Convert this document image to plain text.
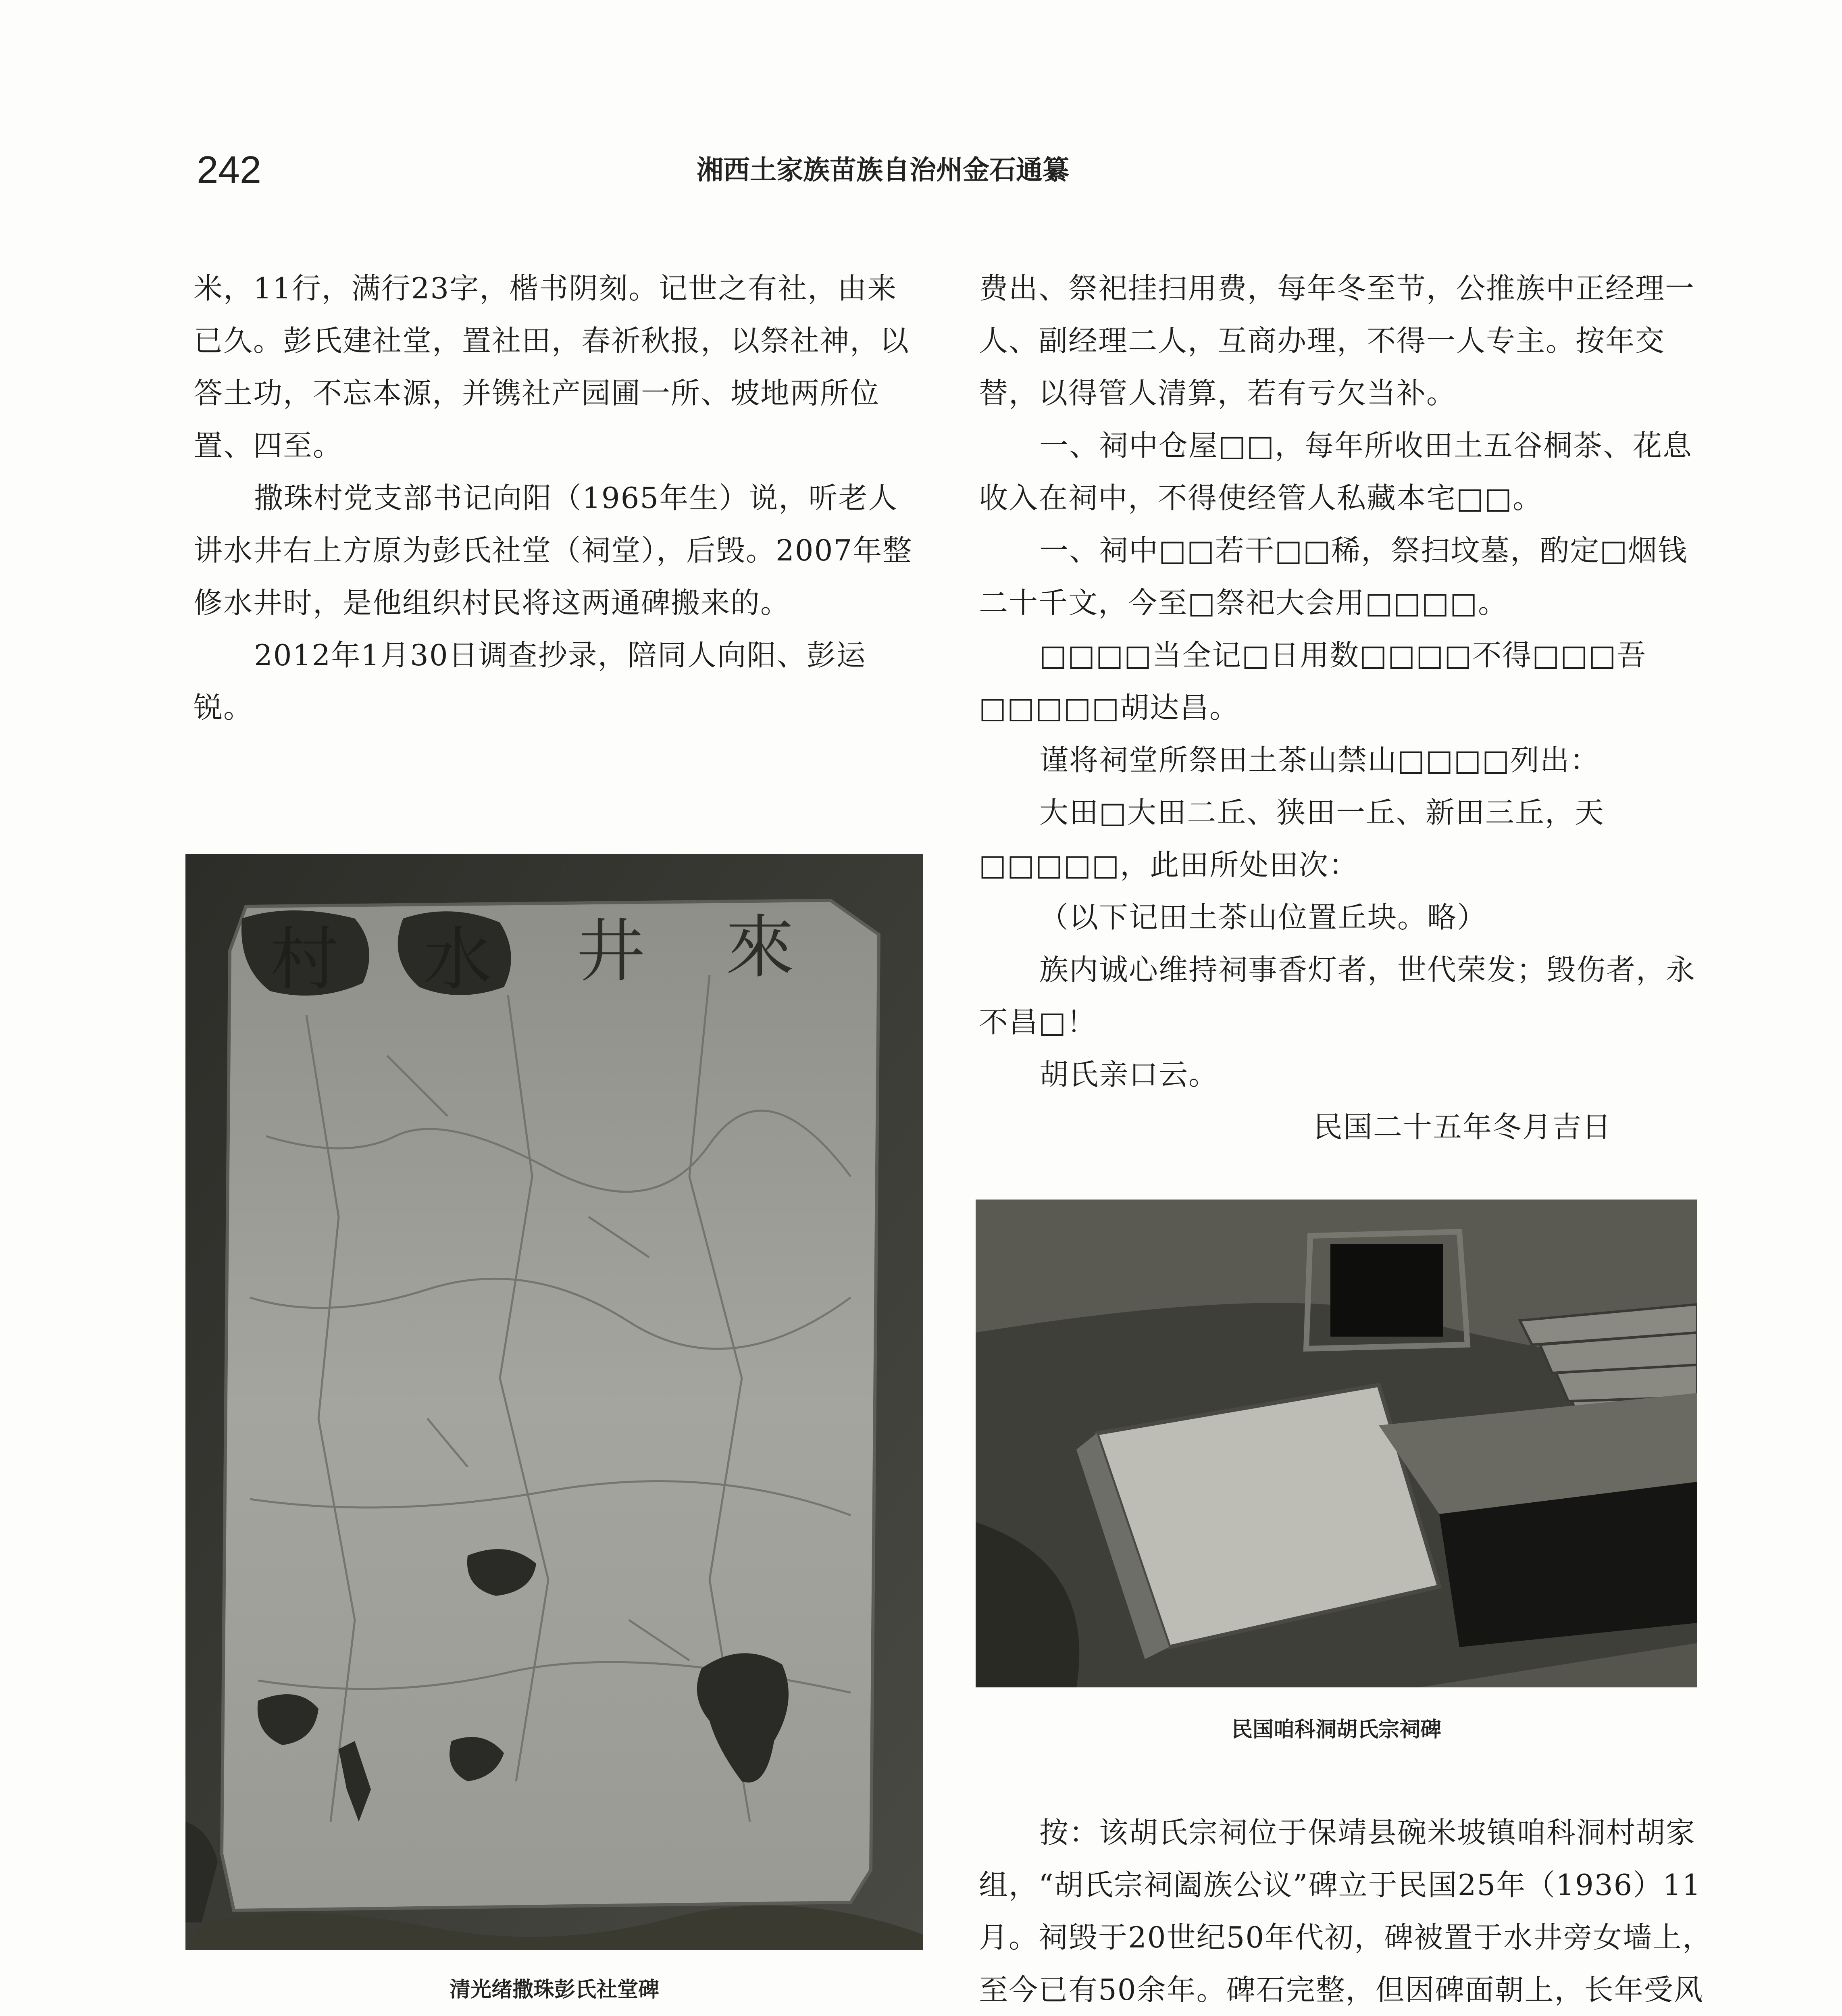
242	湘西土家族苗族自治州金石通纂

米，11行，满行23字，楷书阴刻。记世之有社，由来已久。彭氏建社堂，置社田，春祈秋报，以祭社神，以答土功，不忘本源，并镌社产园圃一所、坡地两所位置、四至。

撒珠村党支部书记向阳（1965年生）说，听老人讲水井右上方原为彭氏社堂（祠堂），后毁。2007年整修水井时，是他组织村民将这两通碑搬来的。

2012年1月30日调查抄录，陪同人向阳、彭运锐。

村 水 井 來
清光绪撒珠彭氏社堂碑

费出、祭祀挂扫用费，每年冬至节，公推族中正经理一人、副经理二人，互商办理，不得一人专主。按年交替，以得管人清算，若有亏欠当补。

一、祠中仓屋□□，每年所收田土五谷桐茶、花息收入在祠中，不得使经管人私藏本宅□□。

一、祠中□□若干□□稀，祭扫坟墓，酌定□烟钱二十千文，今至□祭祀大会用□□□□。

□□□□当全记□日用数□□□□不得□□□吾□□□□□胡达昌。

谨将祠堂所祭田土茶山禁山□□□□列出：

大田□大田二丘、狭田一丘、新田三丘，天□□□□□，此田所处田次：

（以下记田土茶山位置丘块。略）

族内诚心维持祠事香灯者，世代荣发；毁伤者，永不昌□！

胡氏亲口云。

民国二十五年冬月吉日

民国咱科洞胡氏宗祠碑

按：该胡氏宗祠位于保靖县碗米坡镇咱科洞村胡家组，“胡氏宗祠阖族公议”碑立于民国25年（1936）11月。祠毁于20世纪50年代初，碑被置于水井旁女墙上，至今已有50余年。碑石完整，但因碑面朝上，长年受风
